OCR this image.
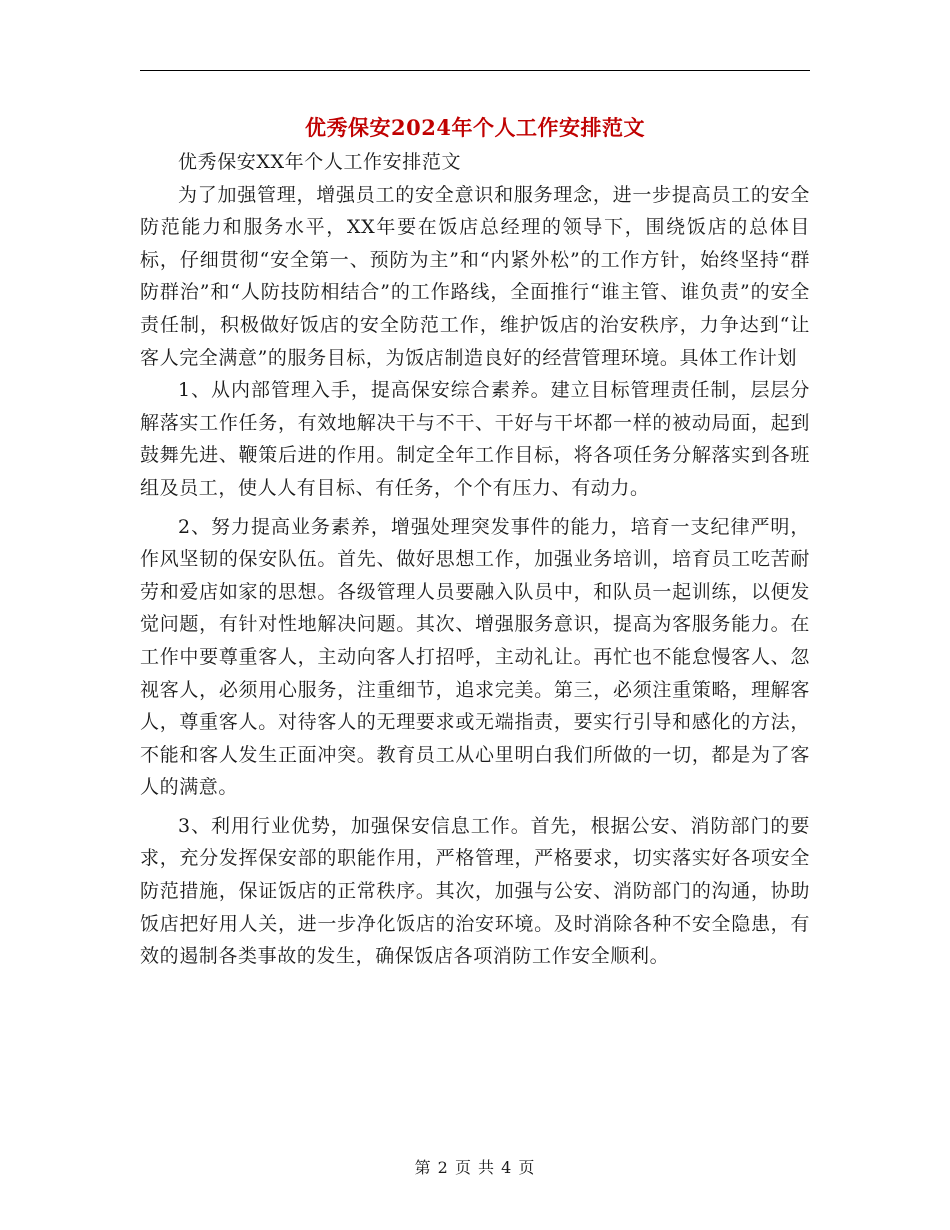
优秀保安2024年个人工作安排范文

优秀保安XX年个人工作安排范文

为了加强管理，增强员工的安全意识和服务理念，进一步提高员工的安全防范能力和服务水平，XX年要在饭店总经理的领导下，围绕饭店的总体目标，仔细贯彻“安全第一、预防为主”和“内紧外松”的工作方针，始终坚持“群防群治”和“人防技防相结合”的工作路线，全面推行“谁主管、谁负责”的安全责任制，积极做好饭店的安全防范工作，维护饭店的治安秩序，力争达到“让客人完全满意”的服务目标，为饭店制造良好的经营管理环境。具体工作计划

1、从内部管理入手，提高保安综合素养。建立目标管理责任制，层层分解落实工作任务，有效地解决干与不干、干好与干坏都一样的被动局面，起到鼓舞先进、鞭策后进的作用。制定全年工作目标，将各项任务分解落实到各班组及员工，使人人有目标、有任务，个个有压力、有动力。

2、努力提高业务素养，增强处理突发事件的能力，培育一支纪律严明，作风坚韧的保安队伍。首先、做好思想工作，加强业务培训，培育员工吃苦耐劳和爱店如家的思想。各级管理人员要融入队员中，和队员一起训练，以便发觉问题，有针对性地解决问题。其次、增强服务意识，提高为客服务能力。在工作中要尊重客人，主动向客人打招呼，主动礼让。再忙也不能怠慢客人、忽视客人，必须用心服务，注重细节，追求完美。第三，必须注重策略，理解客人，尊重客人。对待客人的无理要求或无端指责，要实行引导和感化的方法，不能和客人发生正面冲突。教育员工从心里明白我们所做的一切，都是为了客人的满意。

3、利用行业优势，加强保安信息工作。首先，根据公安、消防部门的要求，充分发挥保安部的职能作用，严格管理，严格要求，切实落实好各项安全防范措施，保证饭店的正常秩序。其次，加强与公安、消防部门的沟通，协助饭店把好用人关，进一步净化饭店的治安环境。及时消除各种不安全隐患，有效的遏制各类事故的发生，确保饭店各项消防工作安全顺利。

第 2 页 共 4 页
